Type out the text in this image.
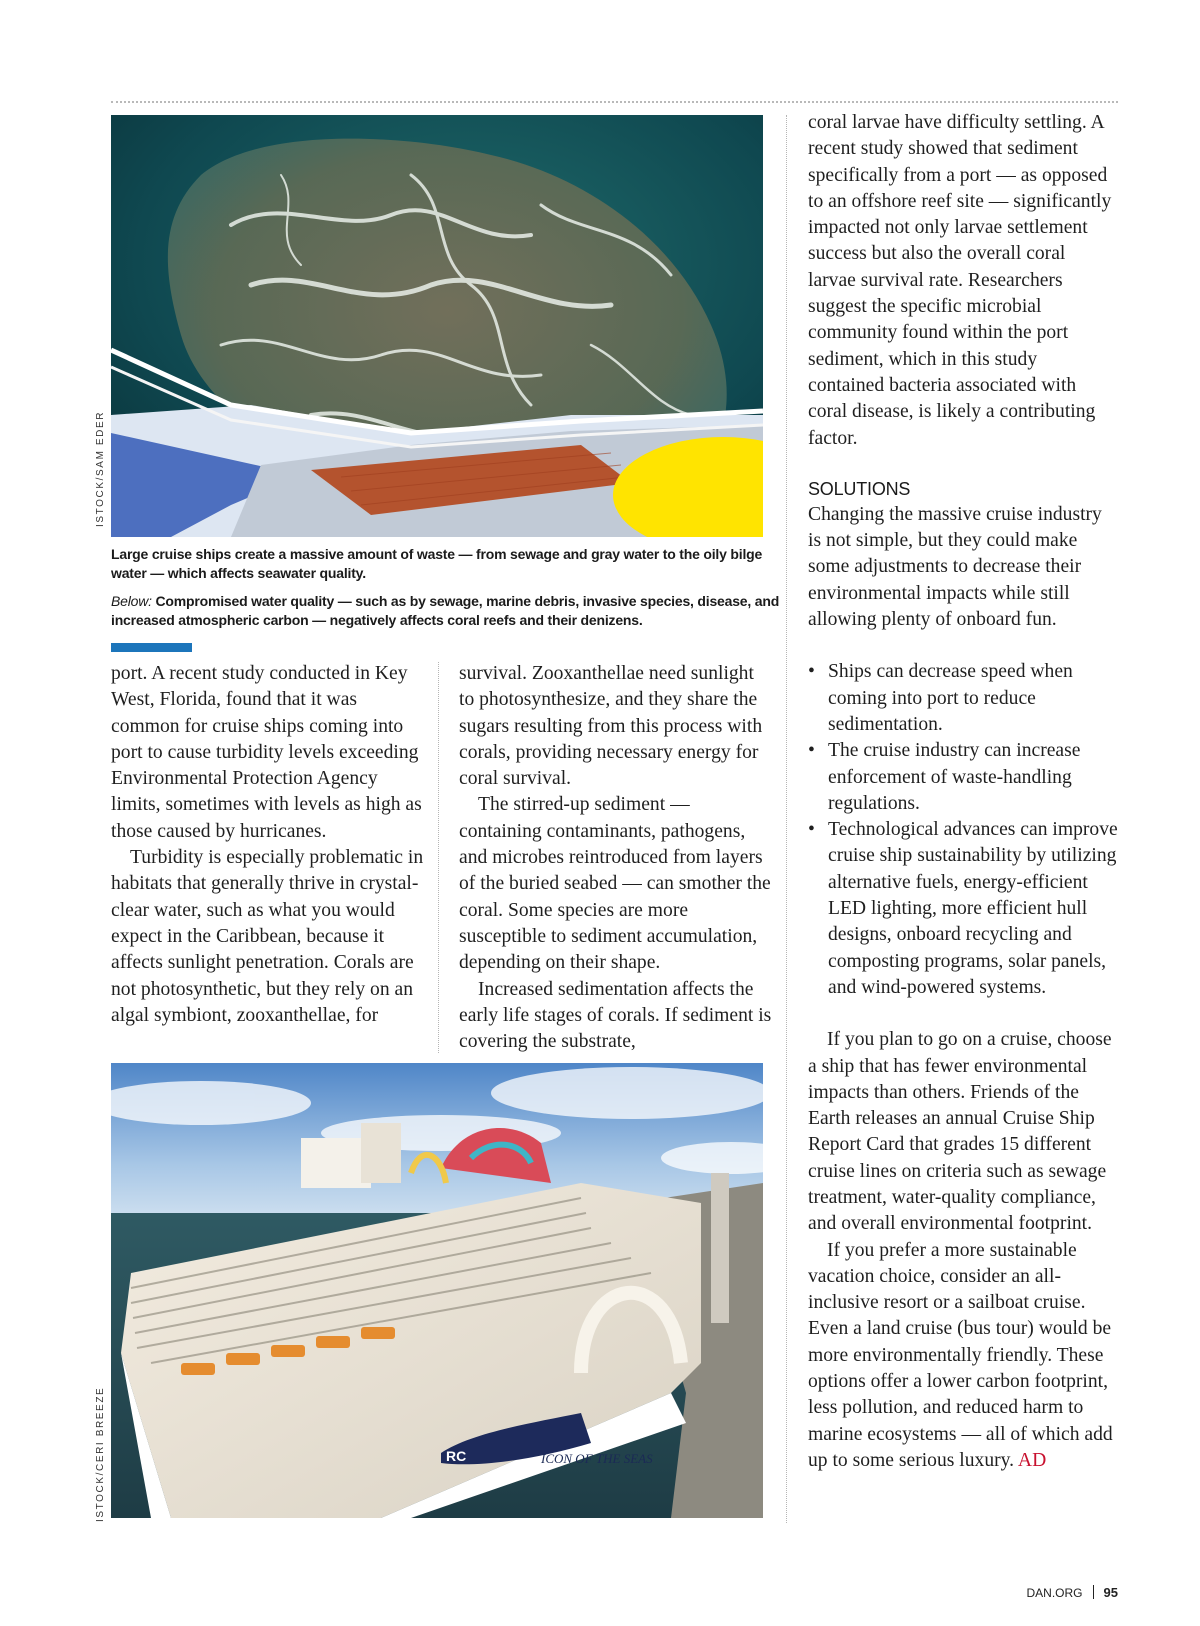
ISTOCK/SAM EDER
Large cruise ships create a massive amount of waste — from sewage and gray water to the oily bilge water — which affects seawater quality.
Below: Compromised water quality — such as by sewage, marine debris, invasive species, disease, and increased atmospheric carbon — negatively affects coral reefs and their denizens.

port. A recent study conducted in Key West, Florida, found that it was common for cruise ships coming into port to cause turbidity levels exceeding Environmental Protection Agency limits, sometimes with levels as high as those caused by hurricanes.

Turbidity is especially problematic in habitats that generally thrive in crystal-clear water, such as what you would expect in the Caribbean, because it affects sunlight penetration. Corals are not photosynthetic, but they rely on an algal symbiont, zooxanthellae, for

survival. Zooxanthellae need sunlight to photosynthesize, and they share the sugars resulting from this process with corals, providing necessary energy for coral survival.

The stirred-up sediment — containing contaminants, pathogens, and microbes reintroduced from layers of the buried seabed — can smother the coral. Some species are more susceptible to sediment accumulation, depending on their shape.

Increased sedimentation affects the early life stages of corals. If sediment is covering the substrate,

ICON OF THE SEAS
RC
ISTOCK/CERI BREEZE

coral larvae have difficulty settling. A recent study showed that sediment specifically from a port — as opposed to an offshore reef site — significantly impacted not only larvae settlement success but also the overall coral larvae survival rate. Researchers suggest the specific microbial community found within the port sediment, which in this study contained bacteria associated with coral disease, is likely a contributing factor.

SOLUTIONS

Changing the massive cruise industry is not simple, but they could make some adjustments to decrease their environmental impacts while still allowing plenty of onboard fun.

• Ships can decrease speed when coming into port to reduce sedimentation.
• The cruise industry can increase enforcement of waste-handling regulations.
• Technological advances can improve cruise ship sustainability by utilizing alternative fuels, energy-efficient LED lighting, more efficient hull designs, onboard recycling and composting programs, solar panels, and wind-powered systems.

If you plan to go on a cruise, choose a ship that has fewer environmental impacts than others. Friends of the Earth releases an annual Cruise Ship Report Card that grades 15 different cruise lines on criteria such as sewage treatment, water-quality compliance, and overall environmental footprint.

If you prefer a more sustainable vacation choice, consider an all-inclusive resort or a sailboat cruise. Even a land cruise (bus tour) would be more environmentally friendly. These options offer a lower carbon footprint, less pollution, and reduced harm to marine ecosystems — all of which add up to some serious luxury. AD

DAN.ORG 95
